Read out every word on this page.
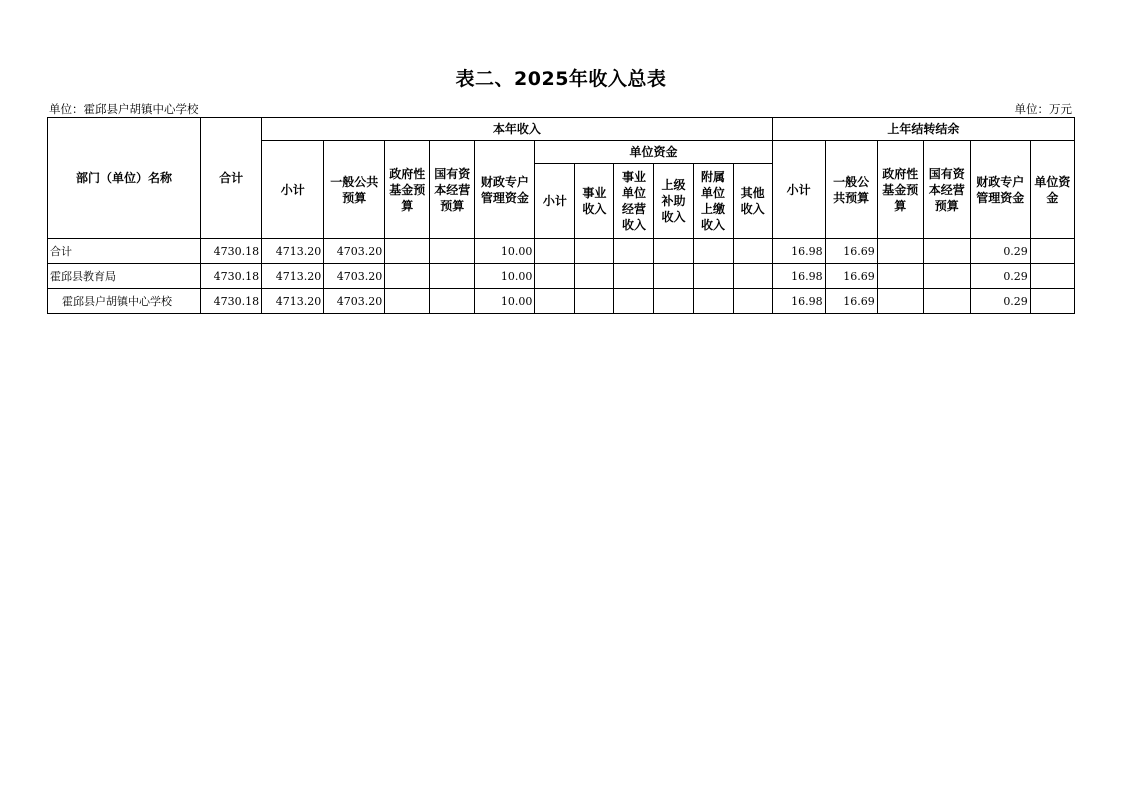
表二、2025年收入总表
单位：霍邱县户胡镇中心学校	单位：万元
部门（单位）名称	合计	本年收入											上年结转结余					
		小计	一般公共预算	政府性基金预算	国有资本经营预算	财政专户管理资金	单位资金						小计	一般公共预算	政府性基金预算	国有资本经营预算	财政专户管理资金	单位资金
							小计	事业收入	事业单位经营收入	上级补助收入	附属单位上缴收入	其他收入						
合计	4730.18	4713.20	4703.20			10.00							16.98	16.69			0.29	
霍邱县教育局	4730.18	4713.20	4703.20			10.00							16.98	16.69			0.29	
霍邱县户胡镇中心学校	4730.18	4713.20	4703.20			10.00							16.98	16.69			0.29	
